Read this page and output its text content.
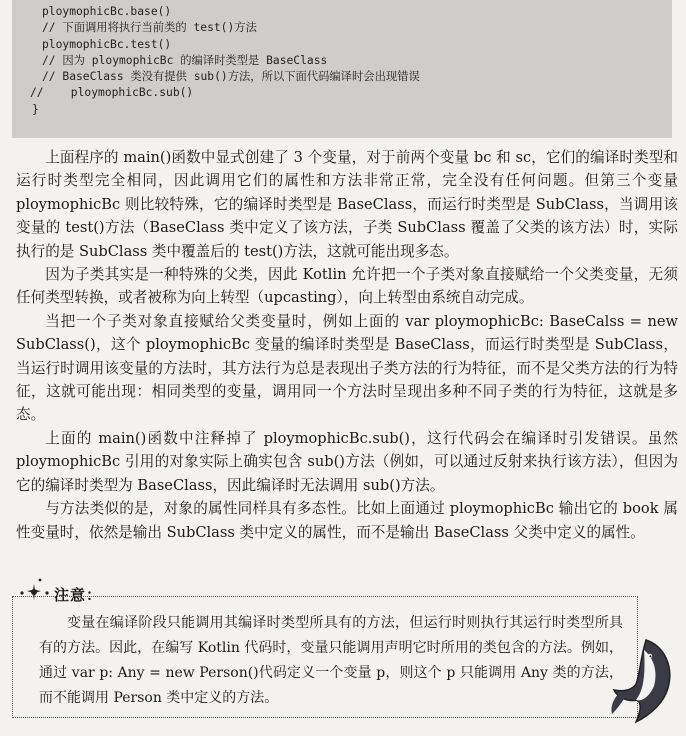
ploymophicBc.base()
// 下面调用将执行当前类的 test()方法
ploymophicBc.test()
// 因为 ploymophicBc 的编译时类型是 BaseClass
// BaseClass 类没有提供 sub()方法，所以下面代码编译时会出现错误
//    ploymophicBc.sub()
}

上面程序的 main()函数中显式创建了 3 个变量，对于前两个变量 bc 和 sc，它们的编译时类型和运行时类型完全相同，因此调用它们的属性和方法非常正常，完全没有任何问题。但第三个变量 ploymophicBc 则比较特殊，它的编译时类型是 BaseClass，而运行时类型是 SubClass，当调用该变量的 test()方法（BaseClass 类中定义了该方法，子类 SubClass 覆盖了父类的该方法）时，实际执行的是 SubClass 类中覆盖后的 test()方法，这就可能出现多态。

因为子类其实是一种特殊的父类，因此 Kotlin 允许把一个子类对象直接赋给一个父类变量，无须任何类型转换，或者被称为向上转型（upcasting），向上转型由系统自动完成。

当把一个子类对象直接赋给父类变量时，例如上面的 var ploymophicBc: BaseCalss = new SubClass()，这个 ploymophicBc 变量的编译时类型是 BaseClass，而运行时类型是 SubClass，当运行时调用该变量的方法时，其方法行为总是表现出子类方法的行为特征，而不是父类方法的行为特征，这就可能出现：相同类型的变量，调用同一个方法时呈现出多种不同子类的行为特征，这就是多态。

上面的 main()函数中注释掉了 ploymophicBc.sub()，这行代码会在编译时引发错误。虽然 ploymophicBc 引用的对象实际上确实包含 sub()方法（例如，可以通过反射来执行该方法），但因为它的编译时类型为 BaseClass，因此编译时无法调用 sub()方法。

与方法类似的是，对象的属性同样具有多态性。比如上面通过 ploymophicBc 输出它的 book 属性变量时，依然是输出 SubClass 类中定义的属性，而不是输出 BaseClass 父类中定义的属性。

注意：

变量在编译阶段只能调用其编译时类型所具有的方法，但运行时则执行其运行时类型所具有的方法。因此，在编写 Kotlin 代码时，变量只能调用声明它时所用的类包含的方法。例如，通过 var p: Any = new Person()代码定义一个变量 p，则这个 p 只能调用 Any 类的方法，而不能调用 Person 类中定义的方法。
